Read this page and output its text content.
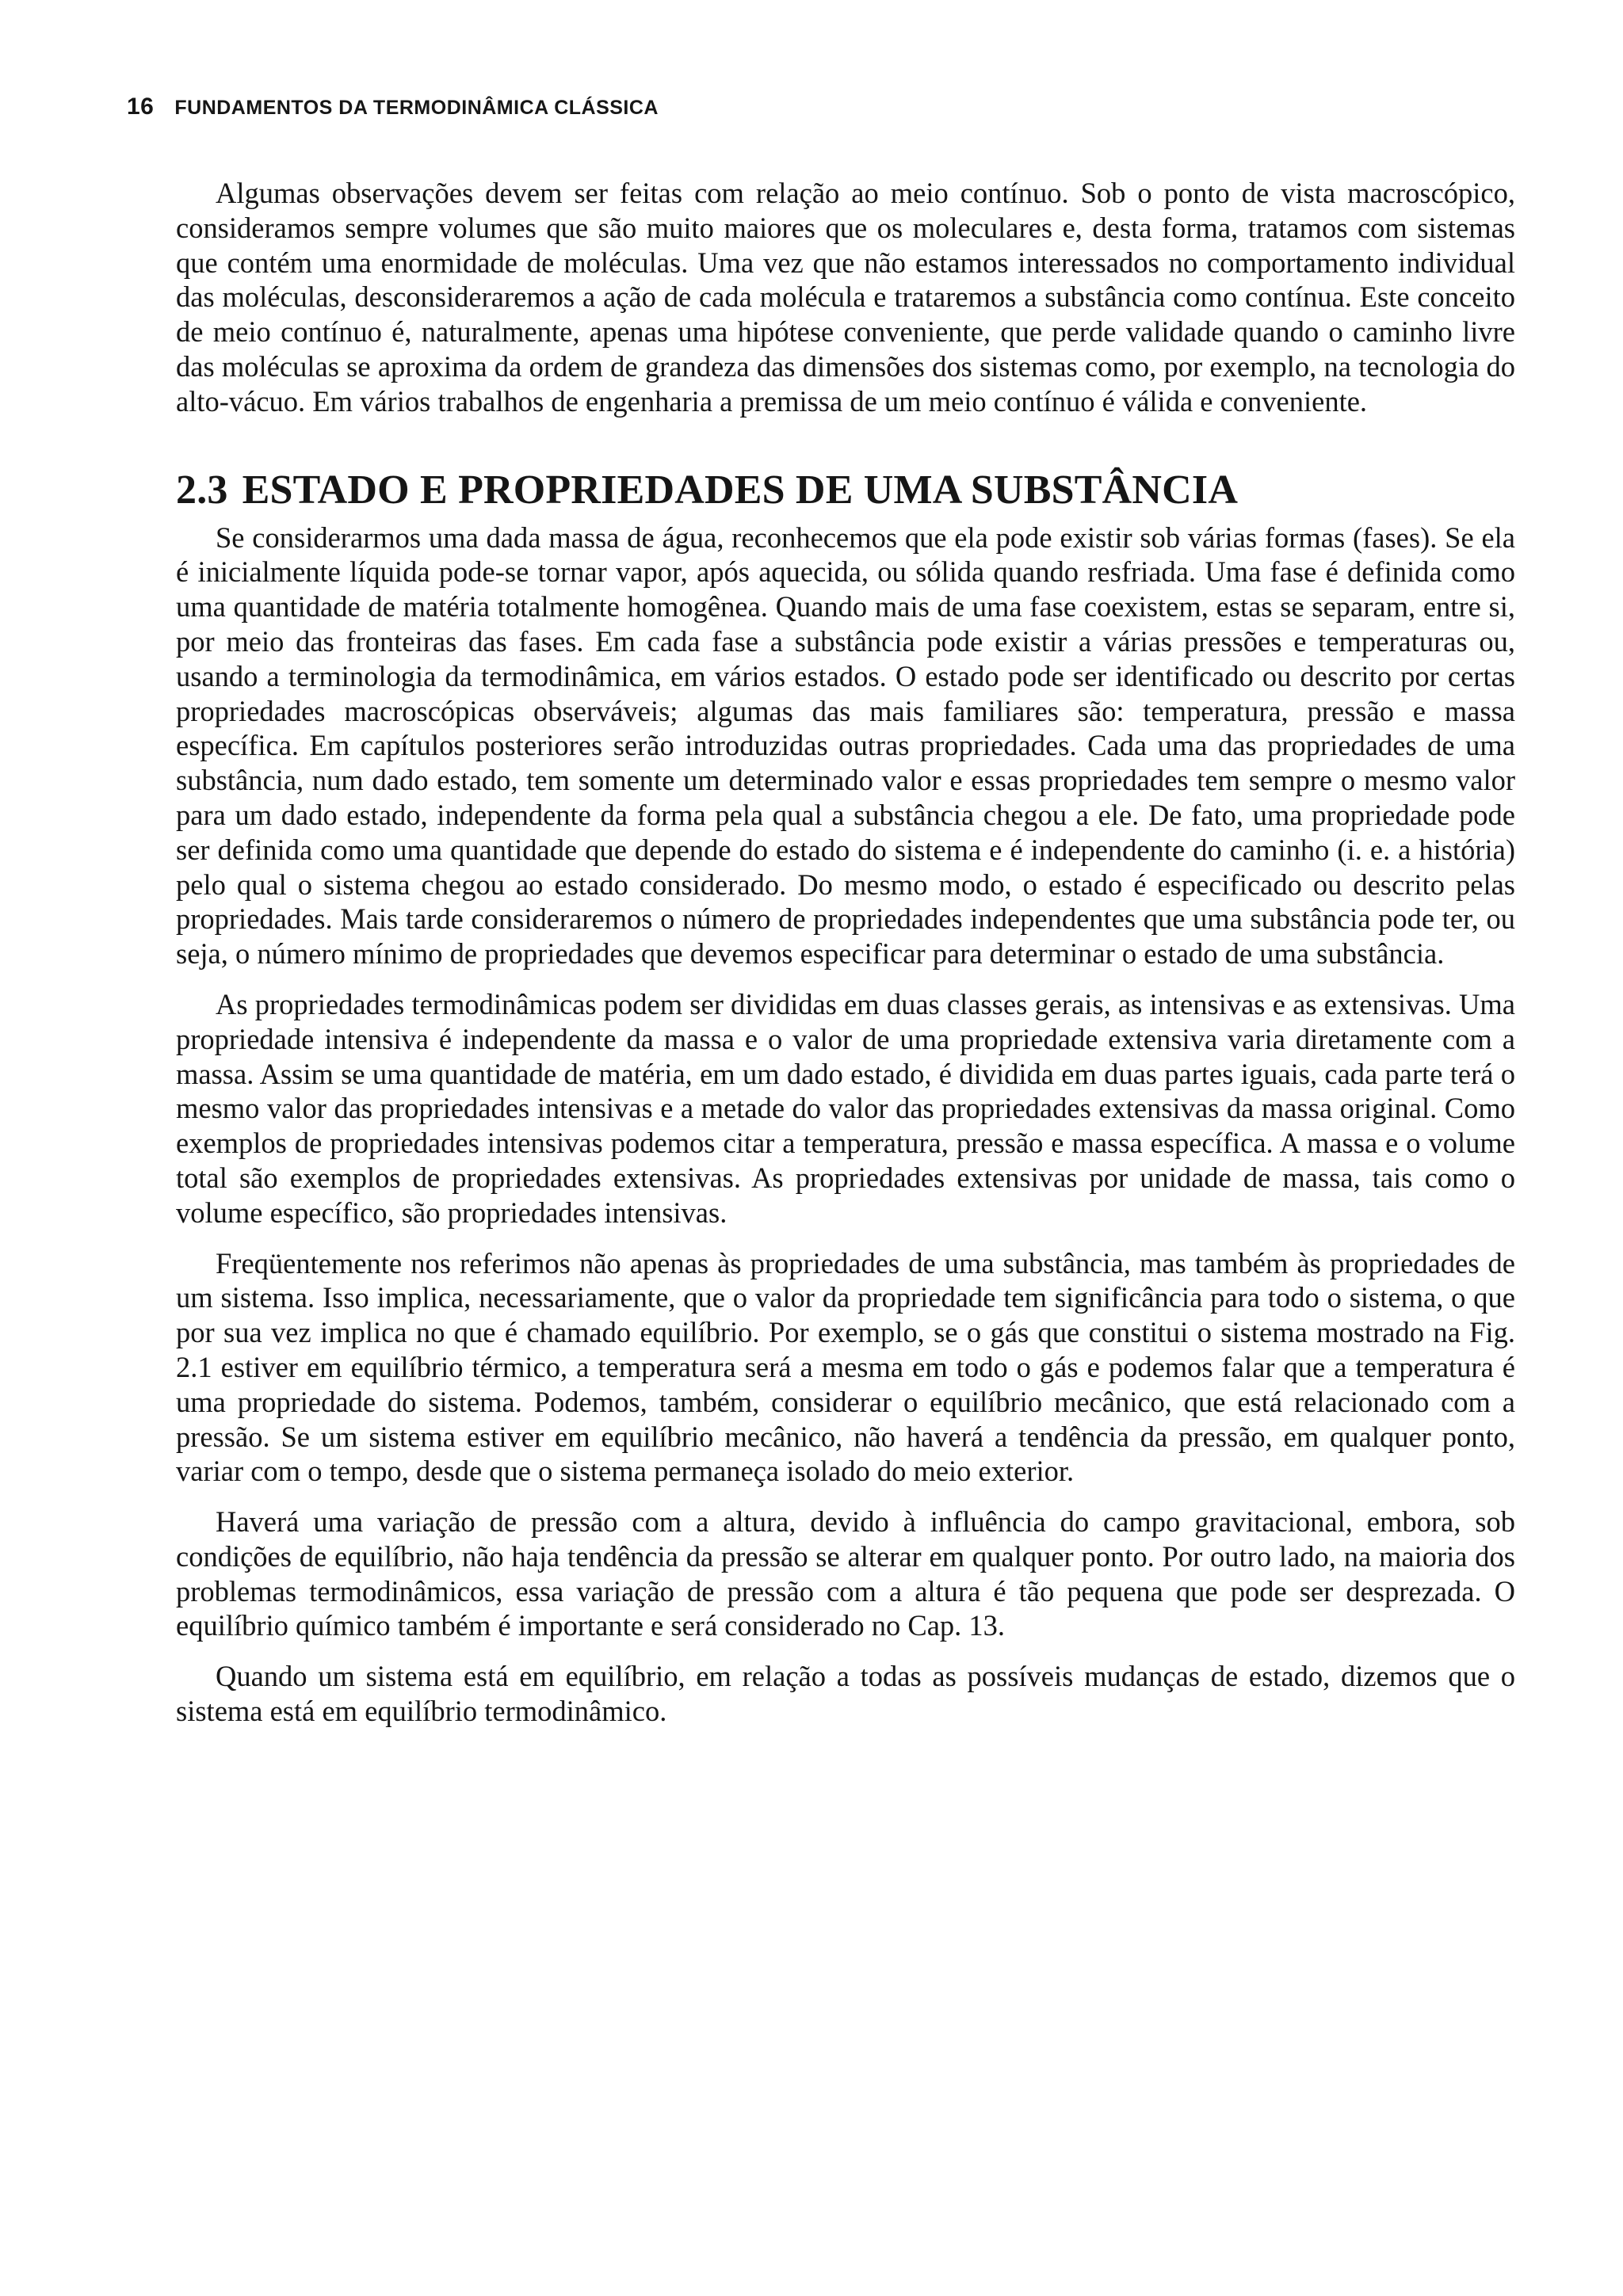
16 FUNDAMENTOS DA TERMODINÂMICA CLÁSSICA

Algumas observações devem ser feitas com relação ao meio contínuo. Sob o ponto de vista macroscópico, consideramos sempre volumes que são muito maiores que os moleculares e, desta forma, tratamos com sistemas que contém uma enormidade de moléculas. Uma vez que não estamos interessados no comportamento individual das moléculas, desconsideraremos a ação de cada molécula e trataremos a substância como contínua. Este conceito de meio contínuo é, naturalmente, apenas uma hipótese conveniente, que perde validade quando o caminho livre das moléculas se aproxima da ordem de grandeza das dimensões dos sistemas como, por exemplo, na tecnologia do alto-vácuo. Em vários trabalhos de engenharia a premissa de um meio contínuo é válida e conveniente.

2.3 ESTADO E PROPRIEDADES DE UMA SUBSTÂNCIA

Se considerarmos uma dada massa de água, reconhecemos que ela pode existir sob várias formas (fases). Se ela é inicialmente líquida pode-se tornar vapor, após aquecida, ou sólida quando resfriada. Uma fase é definida como uma quantidade de matéria totalmente homogênea. Quando mais de uma fase coexistem, estas se separam, entre si, por meio das fronteiras das fases. Em cada fase a substância pode existir a várias pressões e temperaturas ou, usando a terminologia da termodinâmica, em vários estados. O estado pode ser identificado ou descrito por certas propriedades macroscópicas observáveis; algumas das mais familiares são: temperatura, pressão e massa específica. Em capítulos posteriores serão introduzidas outras propriedades. Cada uma das propriedades de uma substância, num dado estado, tem somente um determinado valor e essas propriedades tem sempre o mesmo valor para um dado estado, independente da forma pela qual a substância chegou a ele. De fato, uma propriedade pode ser definida como uma quantidade que depende do estado do sistema e é independente do caminho (i. e. a história) pelo qual o sistema chegou ao estado considerado. Do mesmo modo, o estado é especificado ou descrito pelas propriedades. Mais tarde consideraremos o número de propriedades independentes que uma substância pode ter, ou seja, o número mínimo de propriedades que devemos especificar para determinar o estado de uma substância.

As propriedades termodinâmicas podem ser divididas em duas classes gerais, as intensivas e as extensivas. Uma propriedade intensiva é independente da massa e o valor de uma propriedade extensiva varia diretamente com a massa. Assim se uma quantidade de matéria, em um dado estado, é dividida em duas partes iguais, cada parte terá o mesmo valor das propriedades intensivas e a metade do valor das propriedades extensivas da massa original. Como exemplos de propriedades intensivas podemos citar a temperatura, pressão e massa específica. A massa e o volume total são exemplos de propriedades extensivas. As propriedades extensivas por unidade de massa, tais como o volume específico, são propriedades intensivas.

Freqüentemente nos referimos não apenas às propriedades de uma substância, mas também às propriedades de um sistema. Isso implica, necessariamente, que o valor da propriedade tem significância para todo o sistema, o que por sua vez implica no que é chamado equilíbrio. Por exemplo, se o gás que constitui o sistema mostrado na Fig. 2.1 estiver em equilíbrio térmico, a temperatura será a mesma em todo o gás e podemos falar que a temperatura é uma propriedade do sistema. Podemos, também, considerar o equilíbrio mecânico, que está relacionado com a pressão. Se um sistema estiver em equilíbrio mecânico, não haverá a tendência da pressão, em qualquer ponto, variar com o tempo, desde que o sistema permaneça isolado do meio exterior.

Haverá uma variação de pressão com a altura, devido à influência do campo gravitacional, embora, sob condições de equilíbrio, não haja tendência da pressão se alterar em qualquer ponto. Por outro lado, na maioria dos problemas termodinâmicos, essa variação de pressão com a altura é tão pequena que pode ser desprezada. O equilíbrio químico também é importante e será considerado no Cap. 13.

Quando um sistema está em equilíbrio, em relação a todas as possíveis mudanças de estado, dizemos que o sistema está em equilíbrio termodinâmico.
